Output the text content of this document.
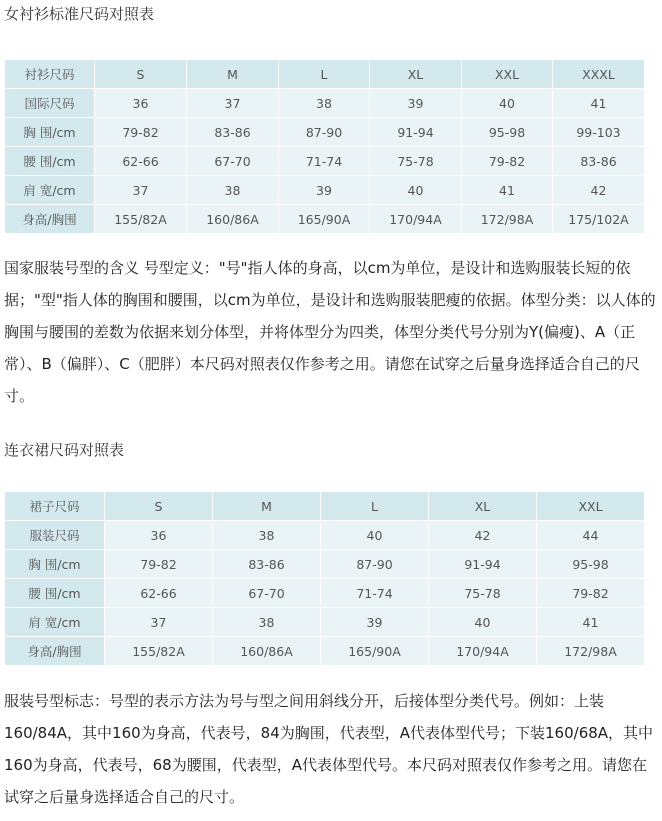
女衬衫标准尺码对照表
衬衫尺码	S	M	L	XL	XXL	XXXL
国际尺码	36	37	38	39	40	41
胸 围/cm	79-82	83-86	87-90	91-94	95-98	99-103
腰 围/cm	62-66	67-70	71-74	75-78	79-82	83-86
肩 宽/cm	37	38	39	40	41	42
身高/胸围	155/82A	160/86A	165/90A	170/94A	172/98A	175/102A

国家服装号型的含义 号型定义："号"指人体的身高，以cm为单位，是设计和选购服装长短的依据；"型"指人体的胸围和腰围，以cm为单位，是设计和选购服装肥瘦的依据。体型分类：以人体的胸围与腰围的差数为依据来划分体型，并将体型分为四类，体型分类代号分别为Y(偏瘦)、A（正常）、B（偏胖）、C（肥胖）本尺码对照表仅作参考之用。请您在试穿之后量身选择适合自己的尺寸。

连衣裙尺码对照表
裙子尺码	S	M	L	XL	XXL
服装尺码	36	38	40	42	44
胸 围/cm	79-82	83-86	87-90	91-94	95-98
腰 围/cm	62-66	67-70	71-74	75-78	79-82
肩 宽/cm	37	38	39	40	41
身高/胸围	155/82A	160/86A	165/90A	170/94A	172/98A

服装号型标志：号型的表示方法为号与型之间用斜线分开，后接体型分类代号。例如：上装160/84A，其中160为身高，代表号，84为胸围，代表型，A代表体型代号；下装160/68A，其中160为身高，代表号，68为腰围，代表型，A代表体型代号。本尺码对照表仅作参考之用。请您在试穿之后量身选择适合自己的尺寸。
